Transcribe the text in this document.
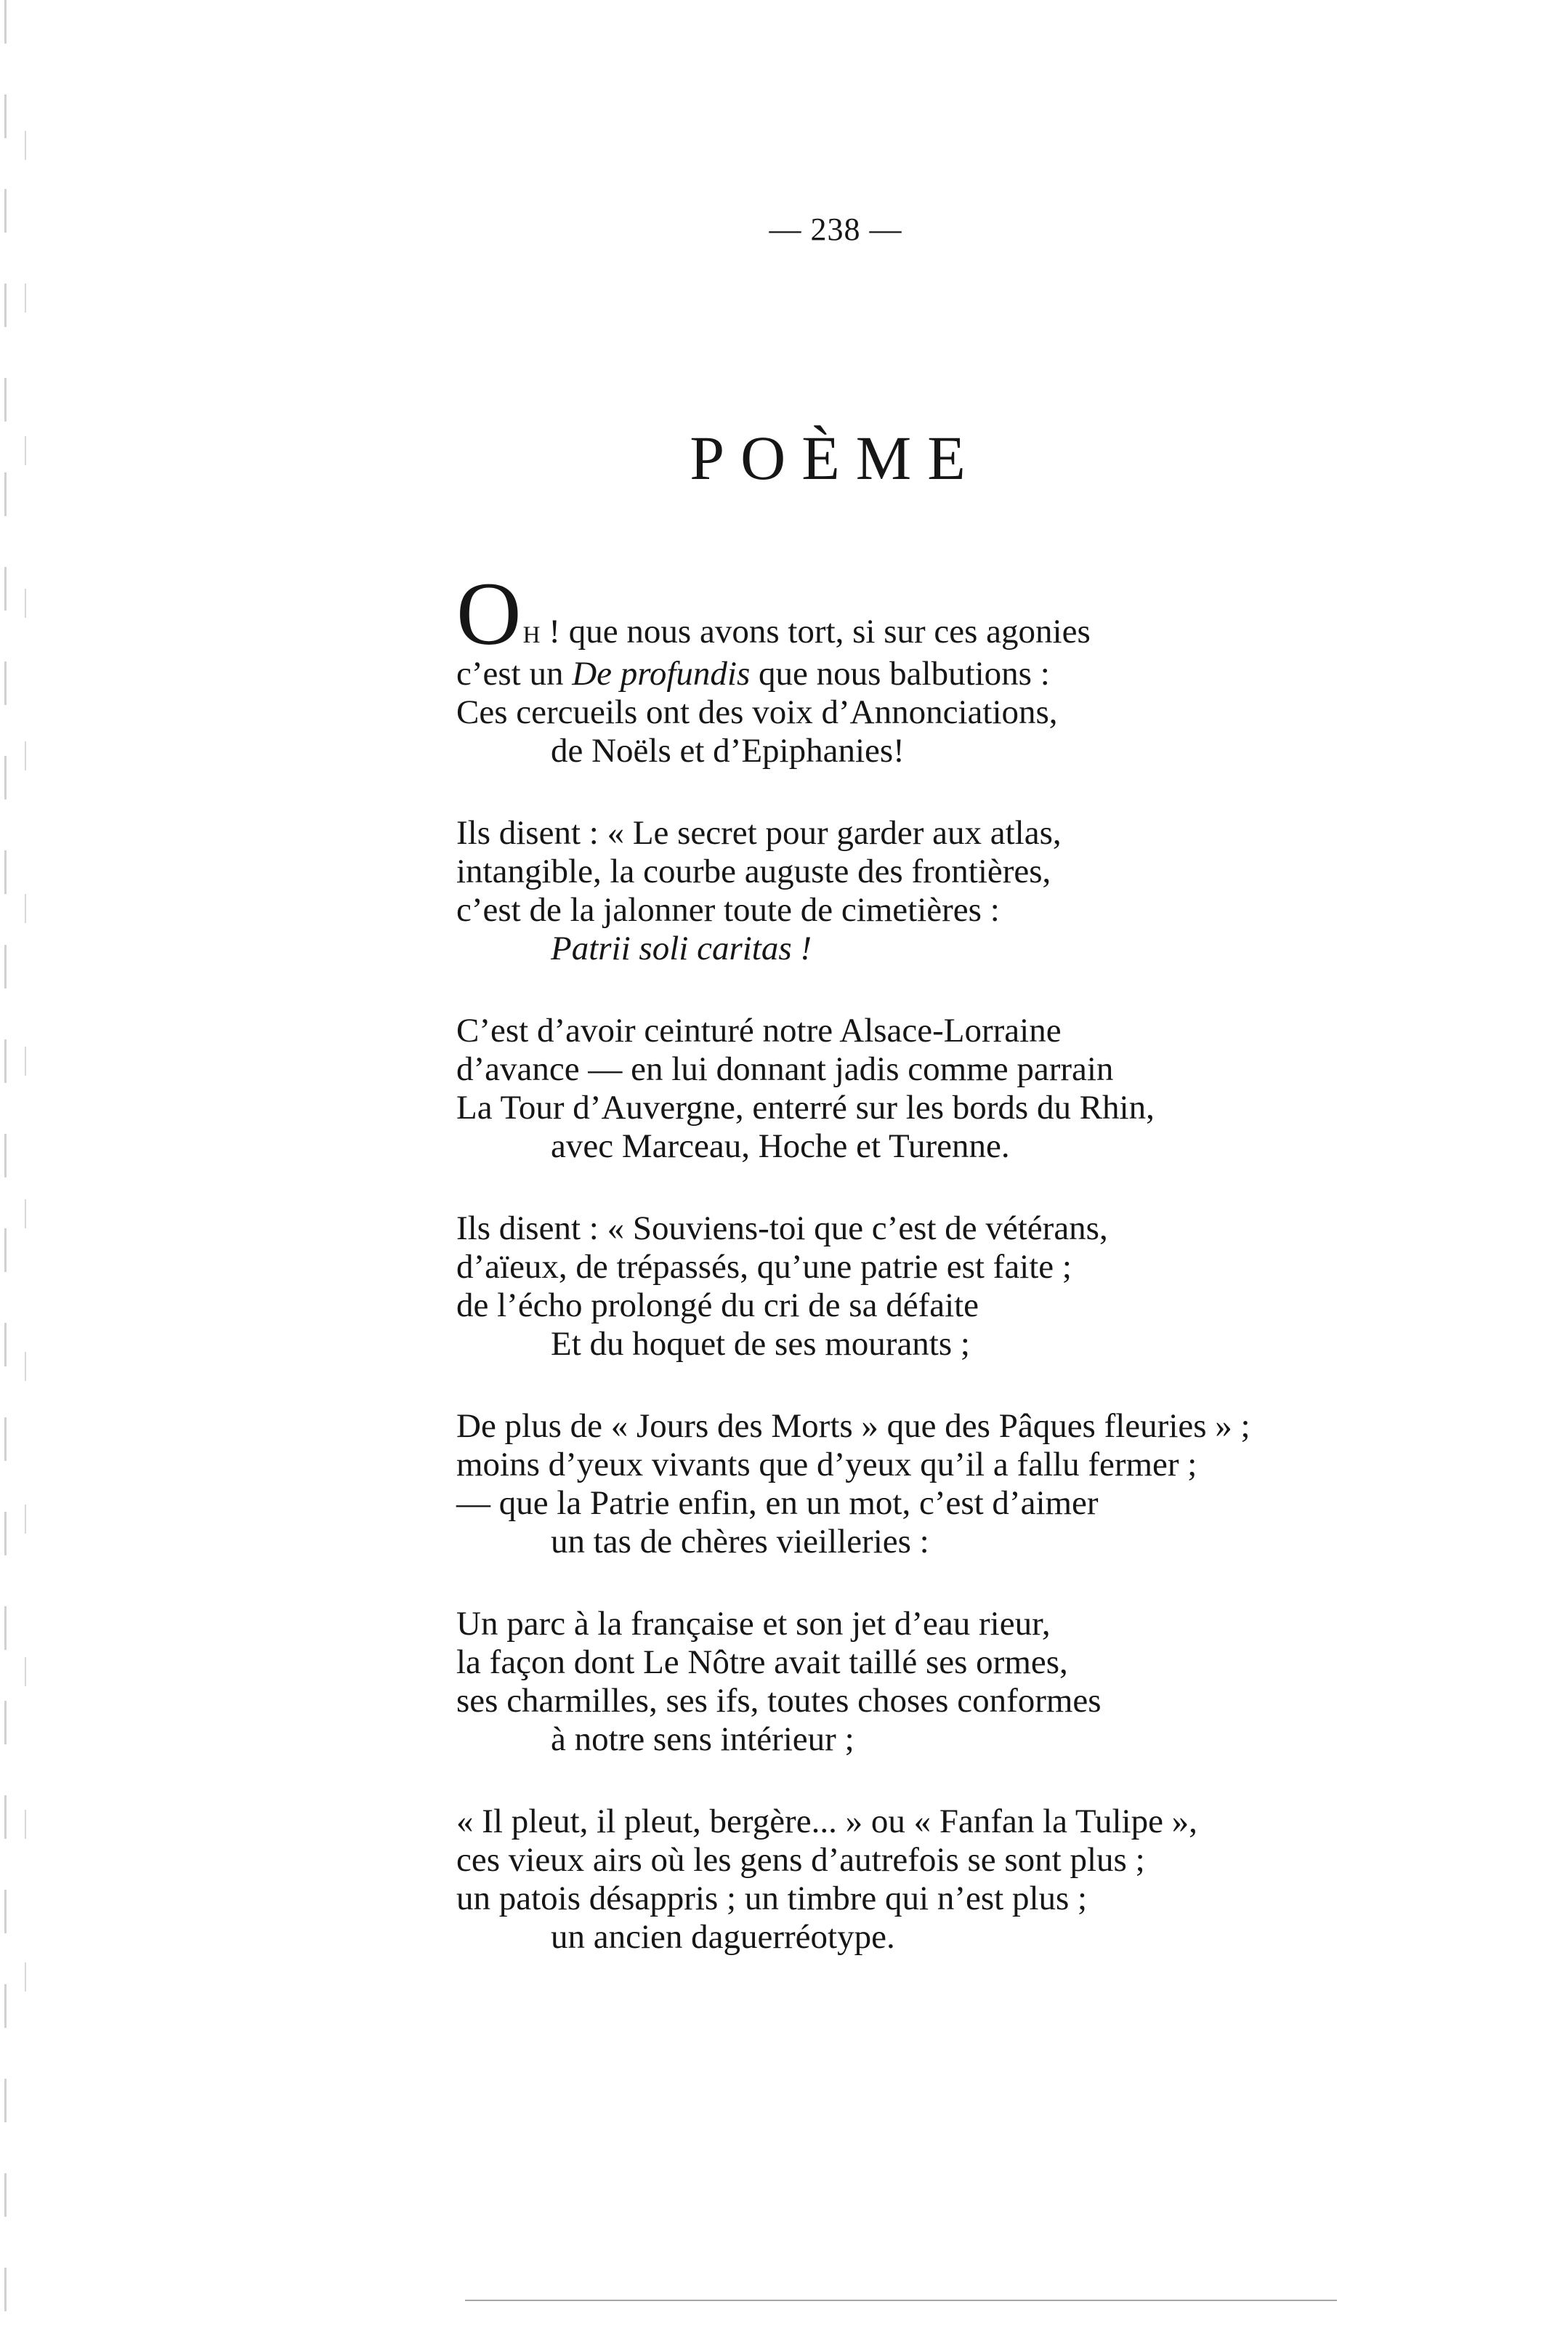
— 238 —
POÈME
OH ! que nous avons tort, si sur ces agonies
c’est un De profundis que nous balbutions :
Ces cercueils ont des voix d’Annonciations,
de Noëls et d’Epiphanies!
Ils disent : « Le secret pour garder aux atlas,
intangible, la courbe auguste des frontières,
c’est de la jalonner toute de cimetières :
Patrii soli caritas !
C’est d’avoir ceinturé notre Alsace-Lorraine
d’avance — en lui donnant jadis comme parrain
La Tour d’Auvergne, enterré sur les bords du Rhin,
avec Marceau, Hoche et Turenne.
Ils disent : « Souviens-toi que c’est de vétérans,
d’aïeux, de trépassés, qu’une patrie est faite ;
de l’écho prolongé du cri de sa défaite
Et du hoquet de ses mourants ;
De plus de « Jours des Morts » que des Pâques fleuries » ;
moins d’yeux vivants que d’yeux qu’il a fallu fermer ;
— que la Patrie enfin, en un mot, c’est d’aimer
un tas de chères vieilleries :
Un parc à la française et son jet d’eau rieur,
la façon dont Le Nôtre avait taillé ses ormes,
ses charmilles, ses ifs, toutes choses conformes
à notre sens intérieur ;
« Il pleut, il pleut, bergère... » ou « Fanfan la Tulipe »,
ces vieux airs où les gens d’autrefois se sont plus ;
un patois désappris ; un timbre qui n’est plus ;
un ancien daguerréotype.
